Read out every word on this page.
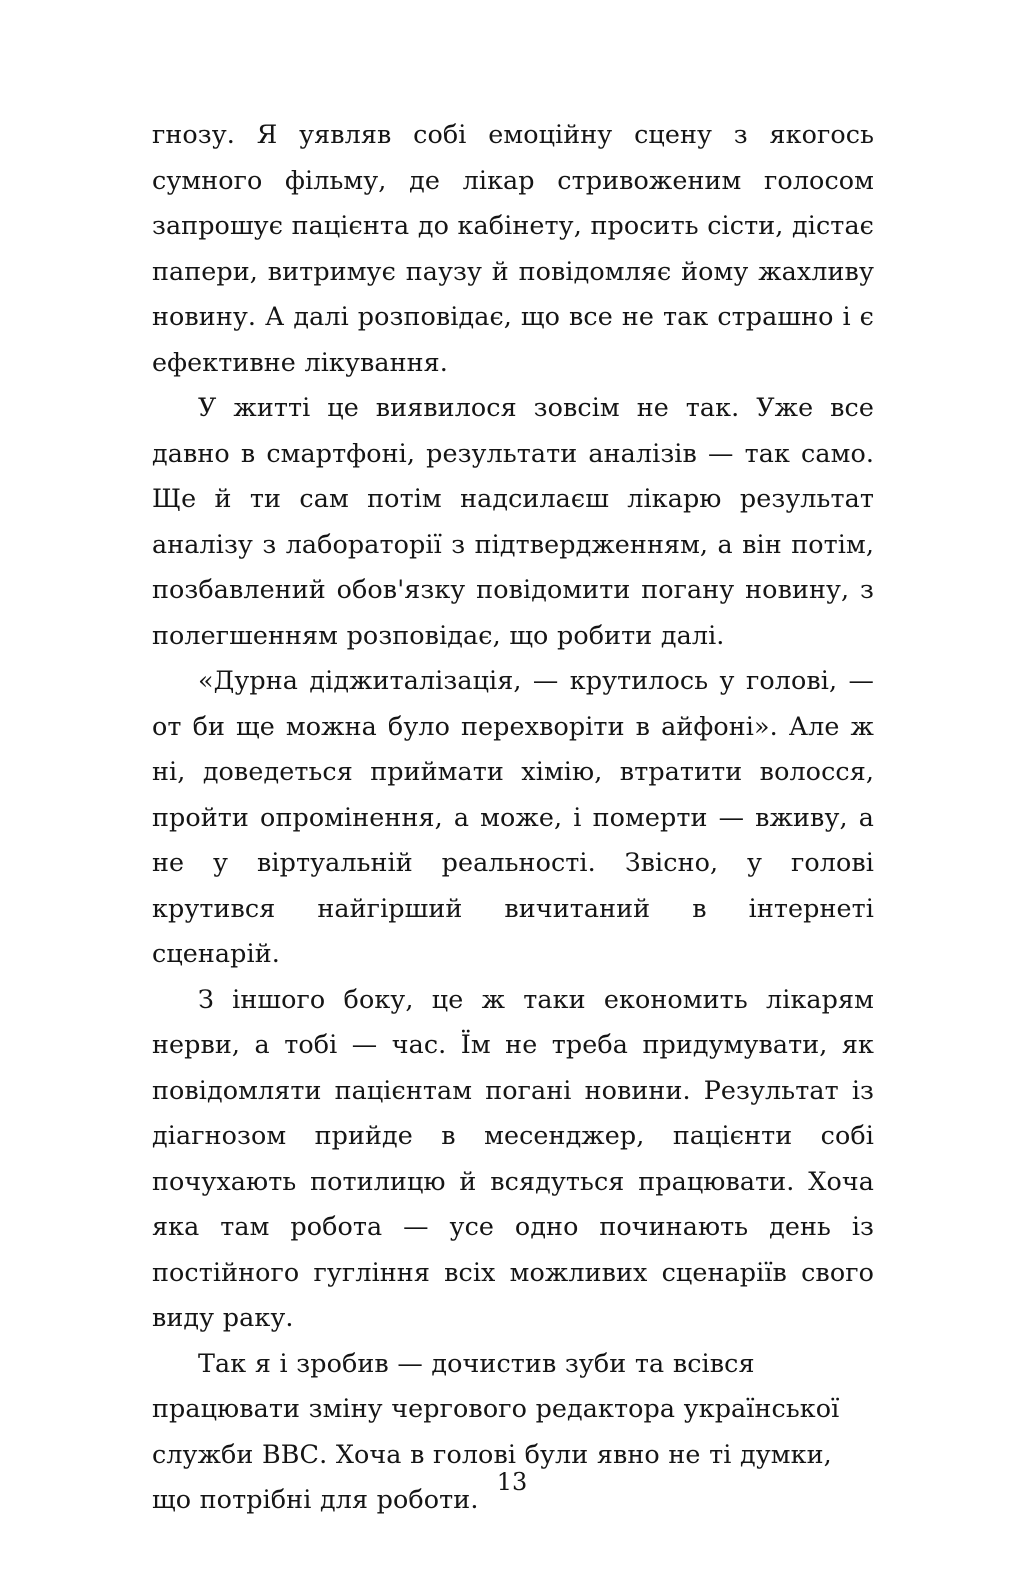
гнозу. Я уявляв собі емоційну сцену з якогось сумного фільму, де лікар стривоженим голосом запрошує пацієнта до кабінету, просить сісти, дістає папери, витримує паузу й повідомляє йому жахливу новину. А далі розповідає, що все не так страшно і є ефективне лікування.

У житті це виявилося зовсім не так. Уже все давно в смартфоні, результати аналізів — так само. Ще й ти сам потім надсилаєш лікарю результат аналізу з лабораторії з підтвердженням, а він потім, позбавлений обов'язку повідомити погану новину, з полегшенням розповідає, що робити далі.

«Дурна діджиталізація, — крутилось у голові, — от би ще можна було перехворіти в айфоні». Але ж ні, доведеться приймати хімію, втратити волосся, пройти опромінення, а може, і померти — вживу, а не у віртуальній реальності. Звісно, у голові крутився найгірший вичитаний в інтернеті сценарій.

З іншого боку, це ж таки економить лікарям нерви, а тобі — час. Їм не треба придумувати, як повідомляти пацієнтам погані новини. Результат із діагнозом прийде в месенджер, пацієнти собі почухають потилицю й всядуться працювати. Хоча яка там робота — усе одно починають день із постійного гугління всіх можливих сценаріїв свого виду раку.

Так я і зробив — дочистив зуби та всівся працювати зміну чергового редактора української служби ВВС. Хоча в голові були явно не ті думки, що потрібні для роботи.

13
